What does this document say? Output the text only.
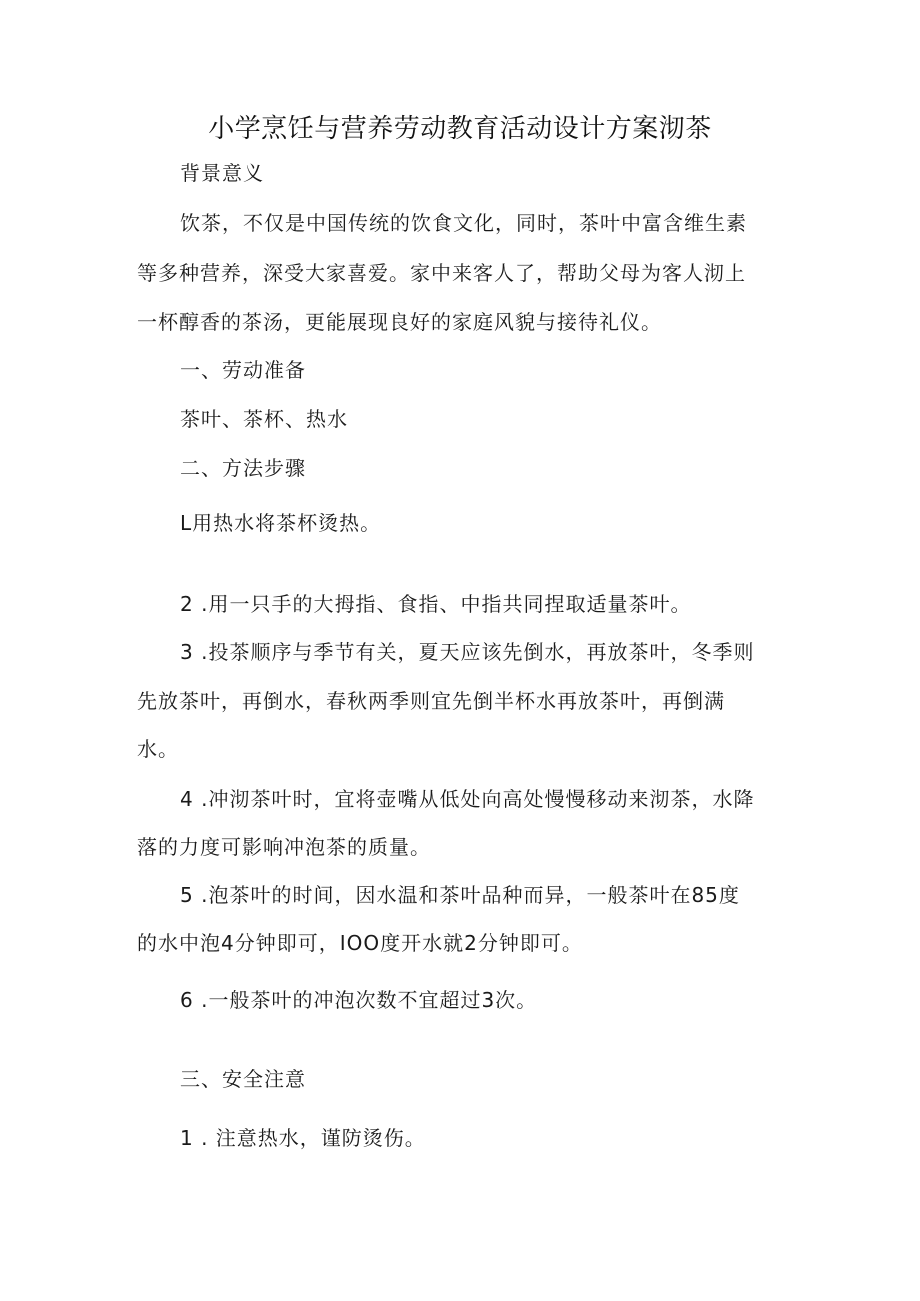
小学烹饪与营养劳动教育活动设计方案沏茶

背景意义

饮茶，不仅是中国传统的饮食文化，同时，茶叶中富含维生素

等多种营养，深受大家喜爱。家中来客人了，帮助父母为客人沏上

一杯醇香的茶汤，更能展现良好的家庭风貌与接待礼仪。

一、劳动准备

茶叶、茶杯、热水

二、方法步骤

L用热水将茶杯烫热。

2 .用一只手的大拇指、食指、中指共同捏取适量茶叶。

3 .投茶顺序与季节有关，夏天应该先倒水，再放茶叶，冬季则

先放茶叶，再倒水，春秋两季则宜先倒半杯水再放茶叶，再倒满

水。

4 .冲沏茶叶时，宜将壶嘴从低处向高处慢慢移动来沏茶，水降

落的力度可影响冲泡茶的质量。

5 .泡茶叶的时间，因水温和茶叶品种而异，一般茶叶在85度

的水中泡4分钟即可，IOO度开水就2分钟即可。

6 .一般茶叶的冲泡次数不宜超过3次。

三、安全注意

1 . 注意热水，谨防烫伤。
